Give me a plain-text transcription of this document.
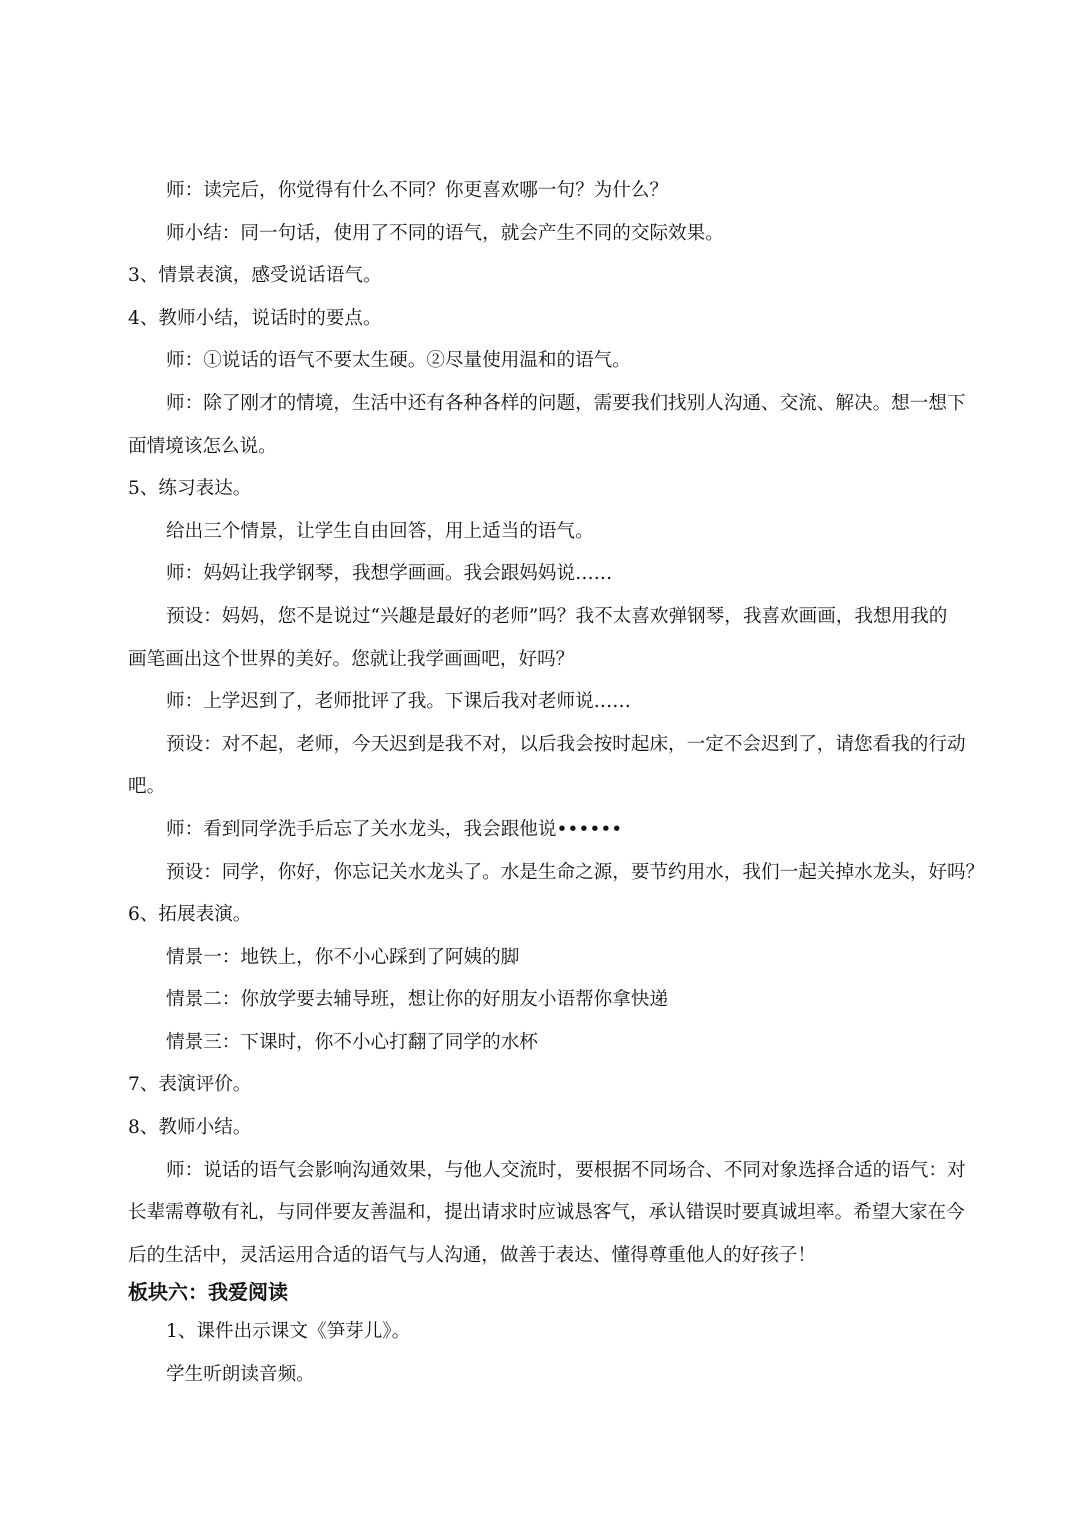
师：读完后，你觉得有什么不同？你更喜欢哪一句？为什么？
师小结：同一句话，使用了不同的语气，就会产生不同的交际效果。
3、情景表演，感受说话语气。
4、教师小结，说话时的要点。
师：①说话的语气不要太生硬。②尽量使用温和的语气。
师：除了刚才的情境，生活中还有各种各样的问题，需要我们找别人沟通、交流、解决。想一想下
面情境该怎么说。
5、练习表达。
给出三个情景，让学生自由回答，用上适当的语气。
师：妈妈让我学钢琴，我想学画画。我会跟妈妈说……
预设：妈妈，您不是说过“兴趣是最好的老师”吗？我不太喜欢弹钢琴，我喜欢画画，我想用我的
画笔画出这个世界的美好。您就让我学画画吧，好吗？
师：上学迟到了，老师批评了我。下课后我对老师说……
预设：对不起，老师，今天迟到是我不对，以后我会按时起床，一定不会迟到了，请您看我的行动
吧。
师：看到同学洗手后忘了关水龙头，我会跟他说••••••
预设：同学，你好，你忘记关水龙头了。水是生命之源，要节约用水，我们一起关掉水龙头，好吗？
6、拓展表演。
情景一：地铁上，你不小心踩到了阿姨的脚
情景二：你放学要去辅导班，想让你的好朋友小语帮你拿快递
情景三：下课时，你不小心打翻了同学的水杯
7、表演评价。
8、教师小结。
师：说话的语气会影响沟通效果，与他人交流时，要根据不同场合、不同对象选择合适的语气：对
长辈需尊敬有礼，与同伴要友善温和，提出请求时应诚恳客气，承认错误时要真诚坦率。希望大家在今
后的生活中，灵活运用合适的语气与人沟通，做善于表达、懂得尊重他人的好孩子！
板块六：我爱阅读
1、课件出示课文《笋芽儿》。
学生听朗读音频。
